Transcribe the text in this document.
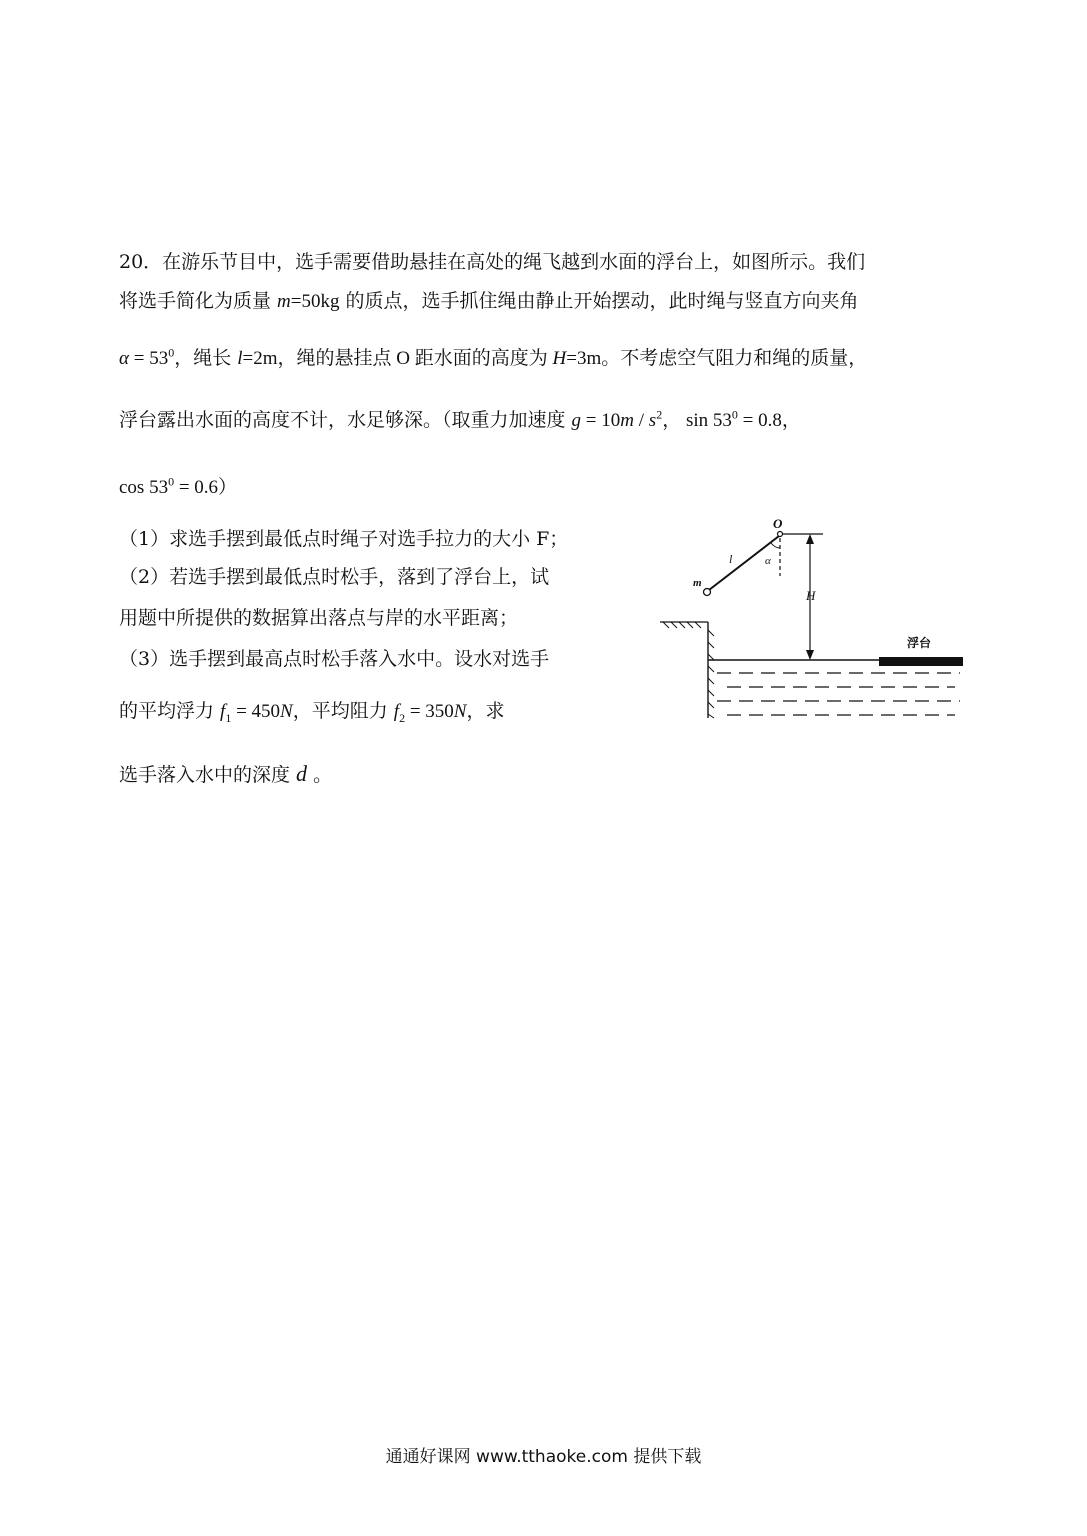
20．在游乐节目中，选手需要借助悬挂在高处的绳飞越到水面的浮台上，如图所示。我们
将选手简化为质量 m=50kg 的质点，选手抓住绳由静止开始摆动，此时绳与竖直方向夹角
$\alpha = 53^0$，绳长 l=2m，绳的悬挂点 O 距水面的高度为 H=3m。不考虑空气阻力和绳的质量，
浮台露出水面的高度不计，水足够深。（取重力加速度 $g = 10m / s^2$， $\sin 53^0 = 0.8$，
$\cos 53^0 = 0.6$）
（1）求选手摆到最低点时绳子对选手拉力的大小 F；
（2）若选手摆到最低点时松手，落到了浮台上，试
用题中所提供的数据算出落点与岸的水平距离；
（3）选手摆到最高点时松手落入水中。设水对选手
的平均浮力 $f_1 = 450N$，平均阻力 $f_2 = 350N$，求
选手落入水中的深度 d 。
O
l	α
m
H
浮台
通通好课网 www.tthaoke.com 提供下载
